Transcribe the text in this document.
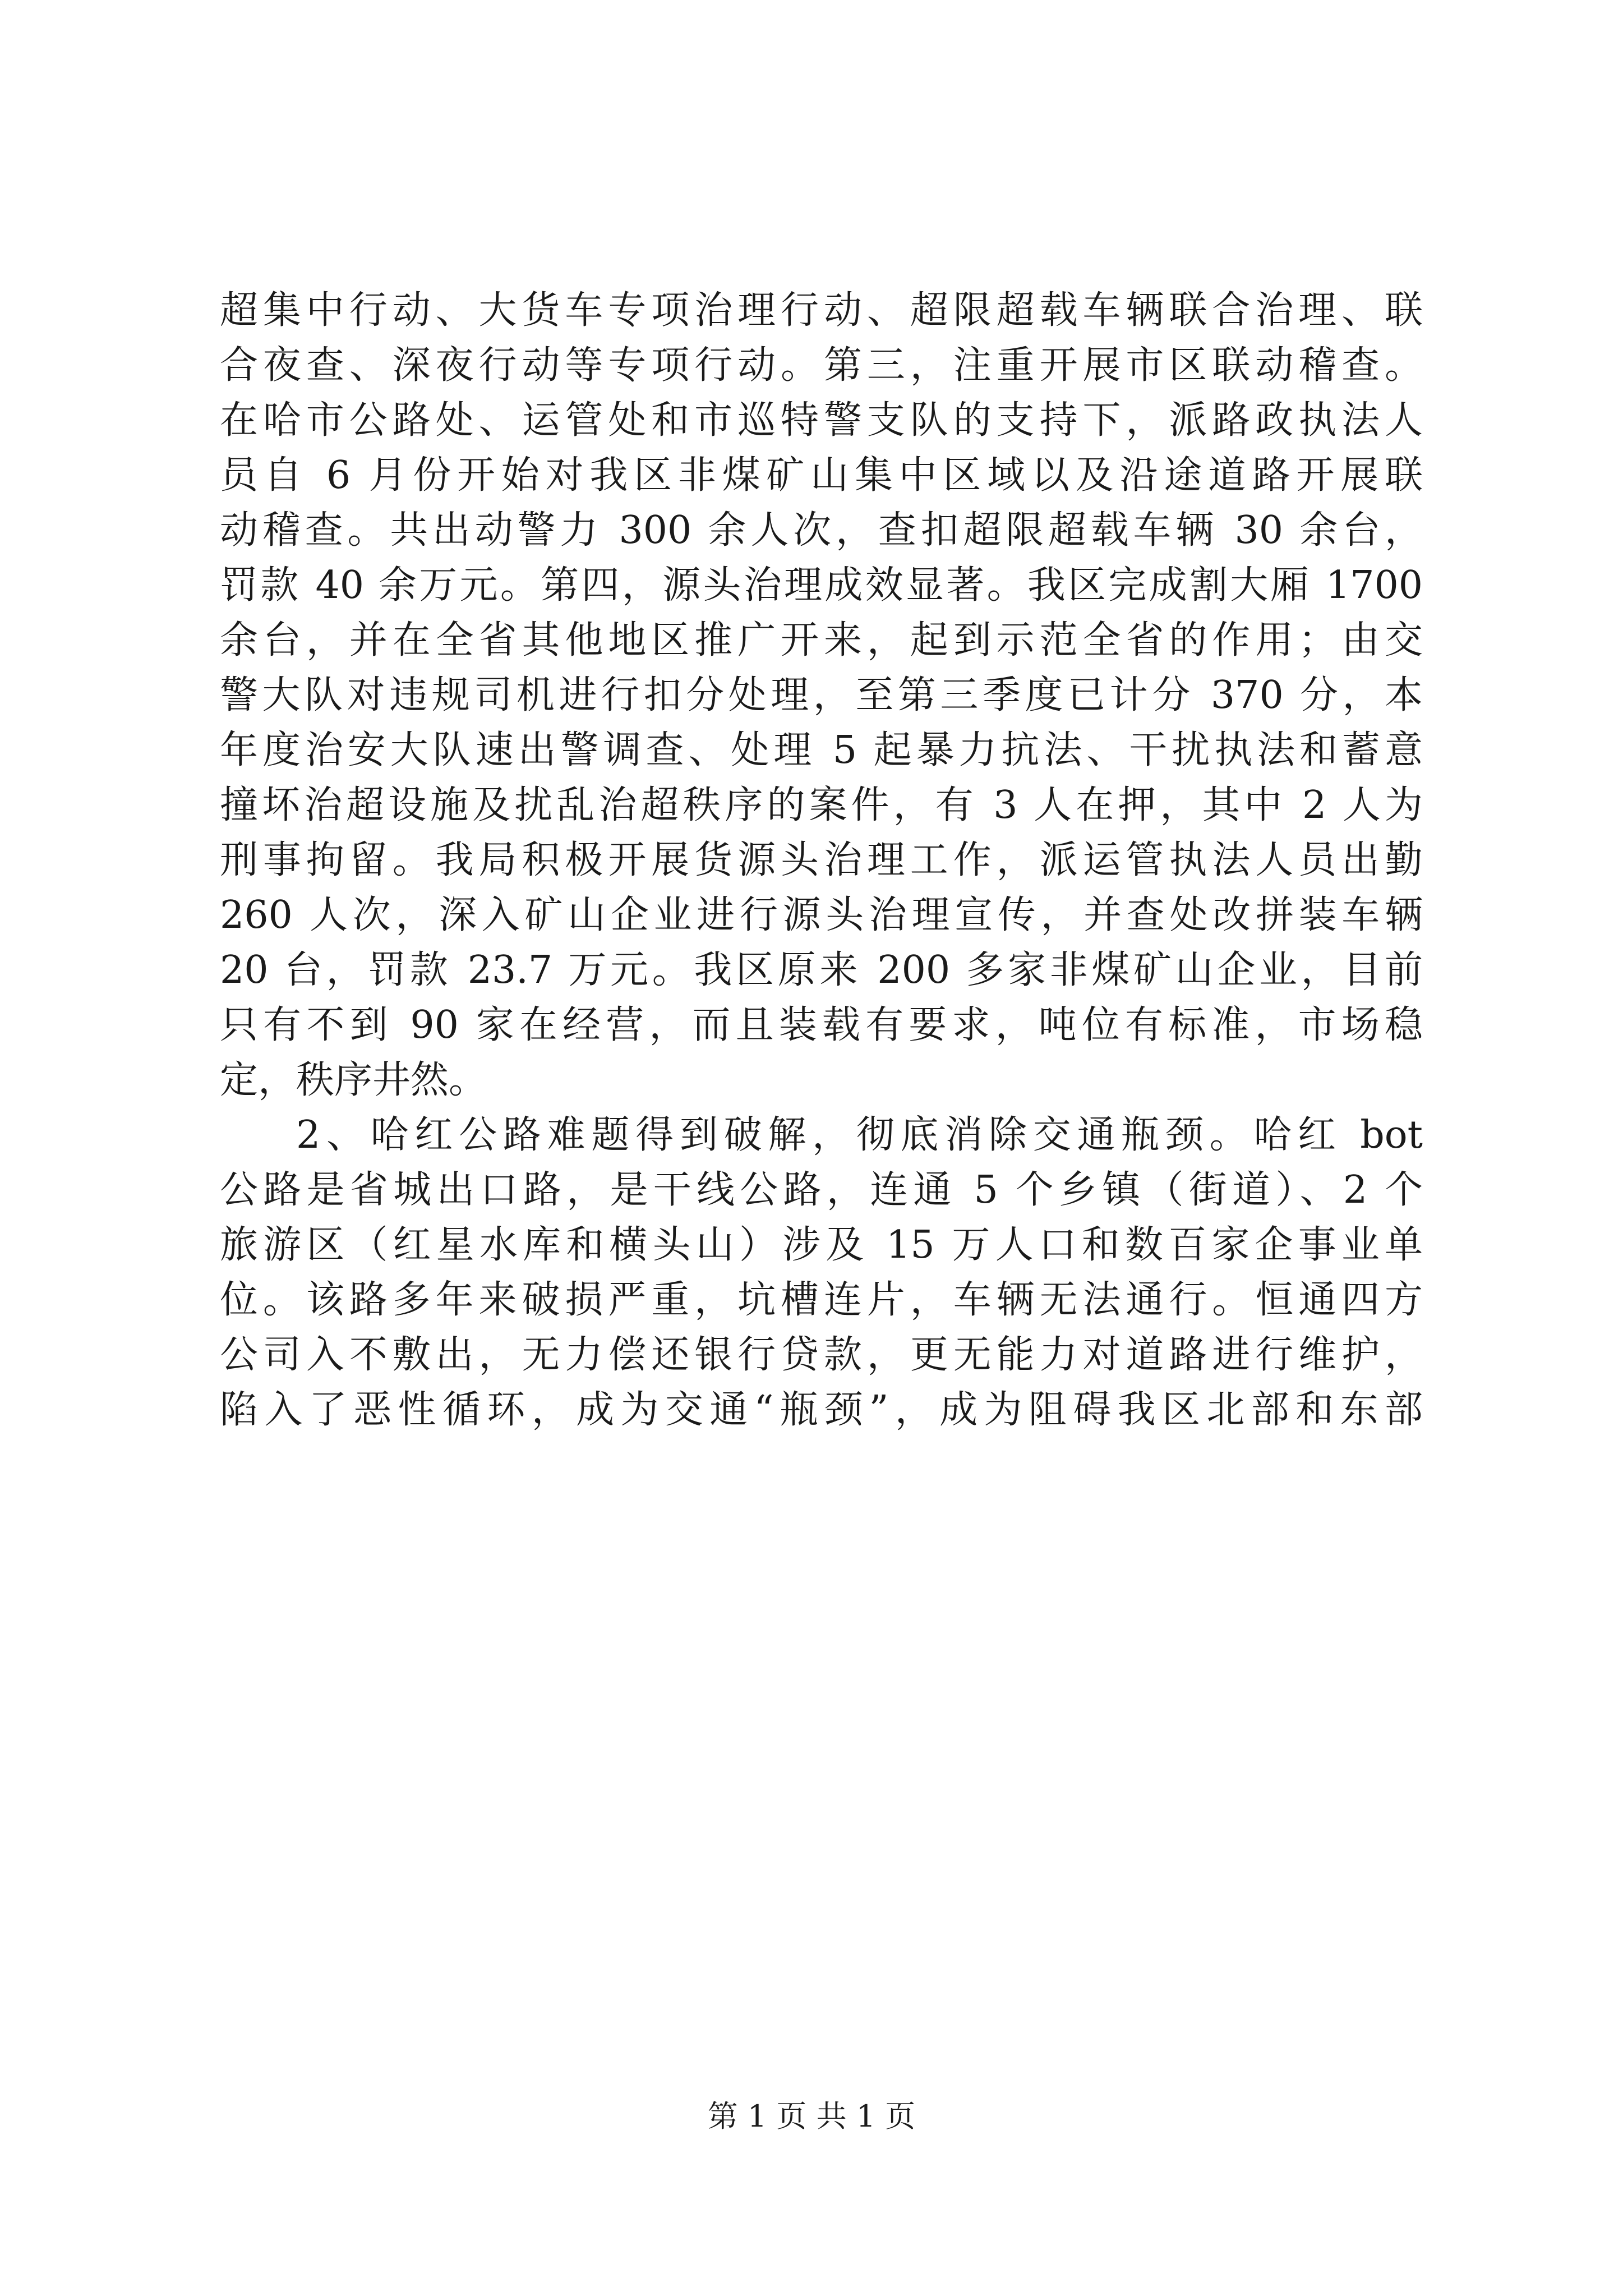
超集中行动、大货车专项治理行动、超限超载车辆联合治理、联
合夜查、深夜行动等专项行动。第三，注重开展市区联动稽查。
在哈市公路处、运管处和市巡特警支队的支持下，派路政执法人
员自 6 月份开始对我区非煤矿山集中区域以及沿途道路开展联
动稽查。共出动警力 300 余人次，查扣超限超载车辆 30 余台，
罚款 40 余万元。第四，源头治理成效显著。我区完成割大厢 1700
余台，并在全省其他地区推广开来，起到示范全省的作用；由交
警大队对违规司机进行扣分处理，至第三季度已计分 370 分，本
年度治安大队速出警调查、处理 5 起暴力抗法、干扰执法和蓄意
撞坏治超设施及扰乱治超秩序的案件，有 3 人在押，其中 2 人为
刑事拘留。我局积极开展货源头治理工作，派运管执法人员出勤
260 人次，深入矿山企业进行源头治理宣传，并查处改拼装车辆
20 台，罚款 23.7 万元。我区原来 200 多家非煤矿山企业，目前
只有不到 90 家在经营，而且装载有要求，吨位有标准，市场稳
定，秩序井然。
2、哈红公路难题得到破解，彻底消除交通瓶颈。哈红 bot
公路是省城出口路，是干线公路，连通 5 个乡镇（街道）、2 个
旅游区（红星水库和横头山）涉及 15 万人口和数百家企事业单
位。该路多年来破损严重，坑槽连片，车辆无法通行。恒通四方
公司入不敷出，无力偿还银行贷款，更无能力对道路进行维护，
陷入了恶性循环，成为交通“瓶颈”，成为阻碍我区北部和东部
第 1 页 共 1 页
